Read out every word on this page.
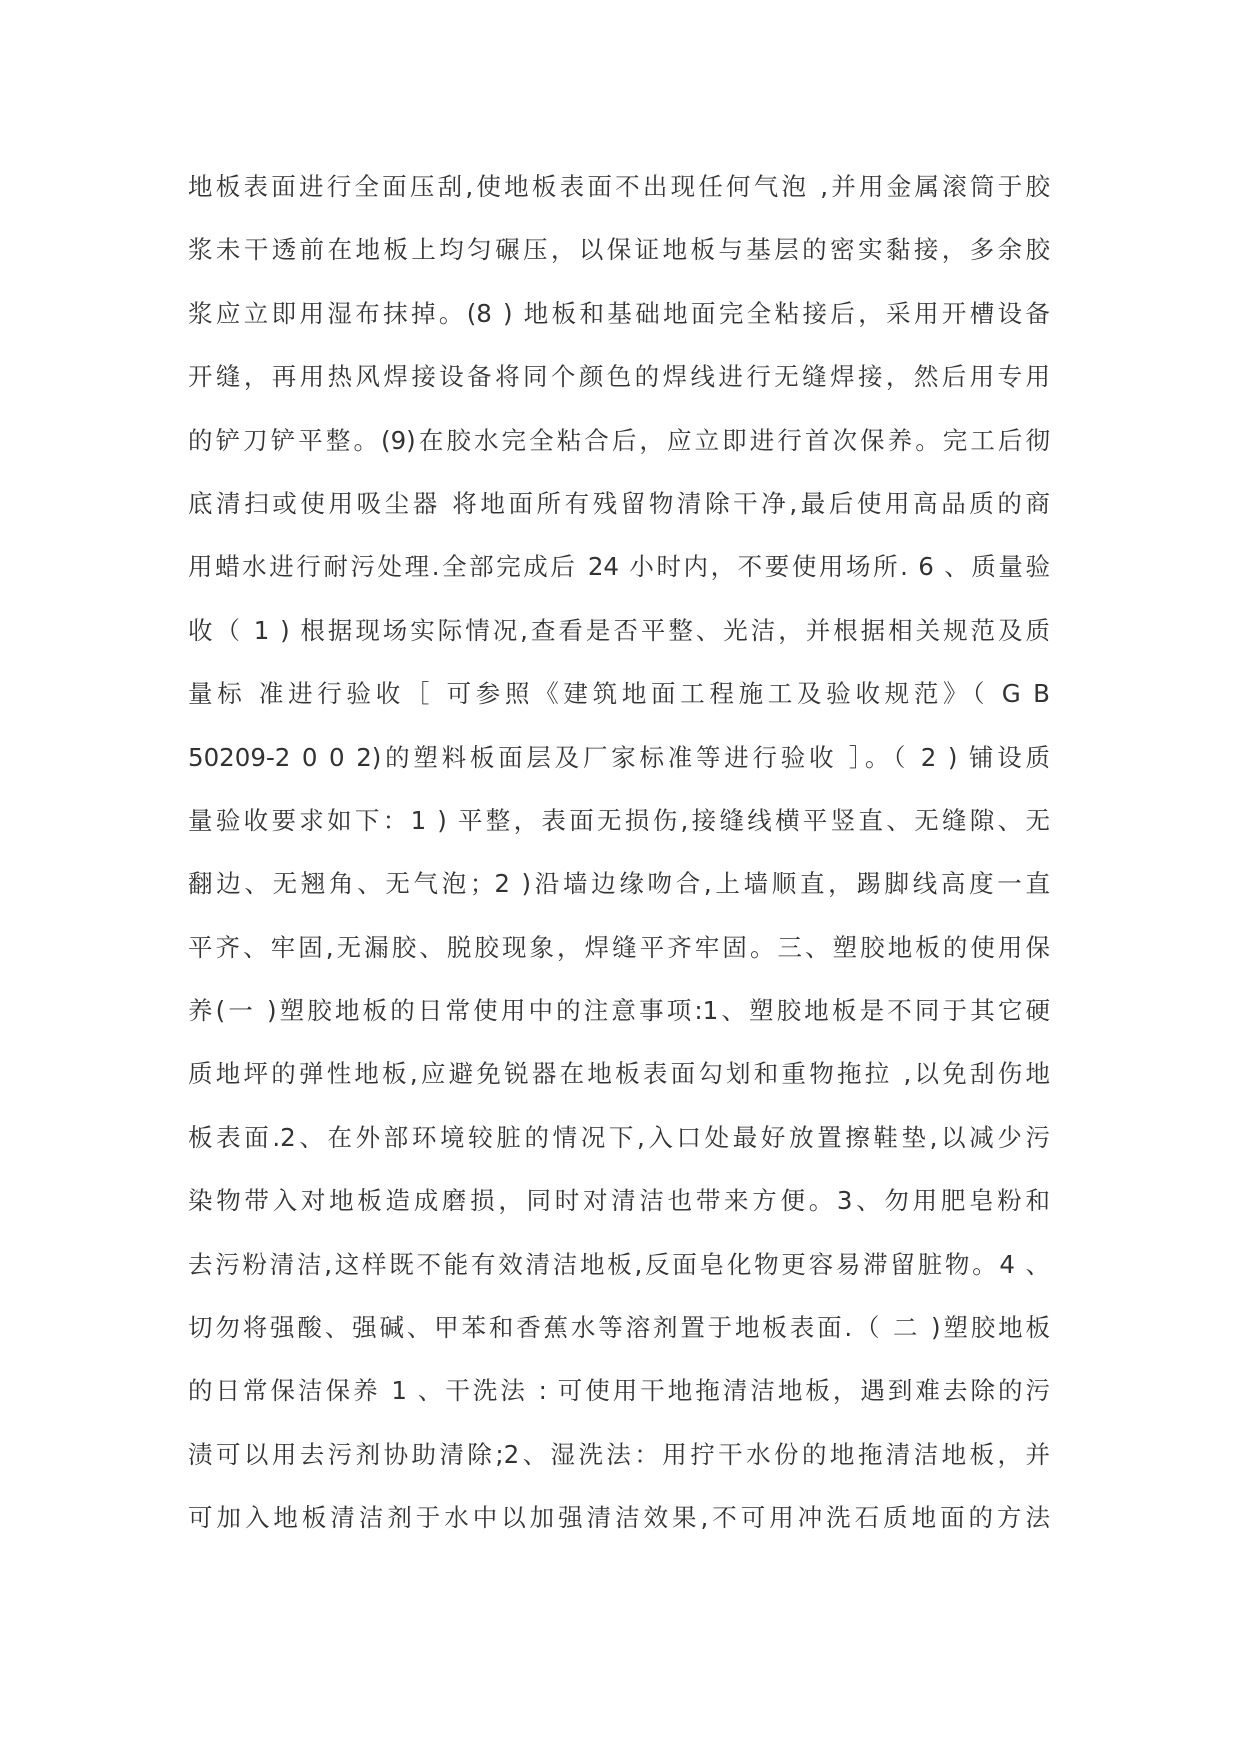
地板表面进行全面压刮,使地板表面不出现任何气泡 ,并用金属滚筒于胶
浆未干透前在地板上均匀碾压，以保证地板与基层的密实黏接，多余胶
浆应立即用湿布抹掉。(8 ) 地板和基础地面完全粘接后，采用开槽设备
开缝，再用热风焊接设备将同个颜色的焊线进行无缝焊接，然后用专用
的铲刀铲平整。(9)在胶水完全粘合后，应立即进行首次保养。完工后彻
底清扫或使用吸尘器 将地面所有残留物清除干净,最后使用高品质的商
用蜡水进行耐污处理.全部完成后 24 小时内，不要使用场所. 6 、质量验
收（ 1 ) 根据现场实际情况,查看是否平整、光洁，并根据相关规范及质
量标 准进行验收［ 可参照《建筑地面工程施工及验收规范》（ G B
50209-2 0 0 2)的塑料板面层及厂家标准等进行验收 ］。（ 2 ) 铺设质
量验收要求如下：1 ) 平整，表面无损伤,接缝线横平竖直、无缝隙、无
翻边、无翘角、无气泡；2 )沿墙边缘吻合,上墙顺直，踢脚线高度一直
平齐、牢固,无漏胶、脱胶现象，焊缝平齐牢固。三、塑胶地板的使用保
养(一 )塑胶地板的日常使用中的注意事项:1、塑胶地板是不同于其它硬
质地坪的弹性地板,应避免锐器在地板表面勾划和重物拖拉 ,以免刮伤地
板表面.2、在外部环境较脏的情况下,入口处最好放置擦鞋垫,以减少污
染物带入对地板造成磨损，同时对清洁也带来方便。3、勿用肥皂粉和
去污粉清洁,这样既不能有效清洁地板,反面皂化物更容易滞留脏物。4 、
切勿将强酸、强碱、甲苯和香蕉水等溶剂置于地板表面.（ 二 )塑胶地板
的日常保洁保养 1 、干洗法 : 可使用干地拖清洁地板，遇到难去除的污
渍可以用去污剂协助清除;2、湿洗法：用拧干水份的地拖清洁地板，并
可加入地板清洁剂于水中以加强清洁效果,不可用冲洗石质地面的方法
